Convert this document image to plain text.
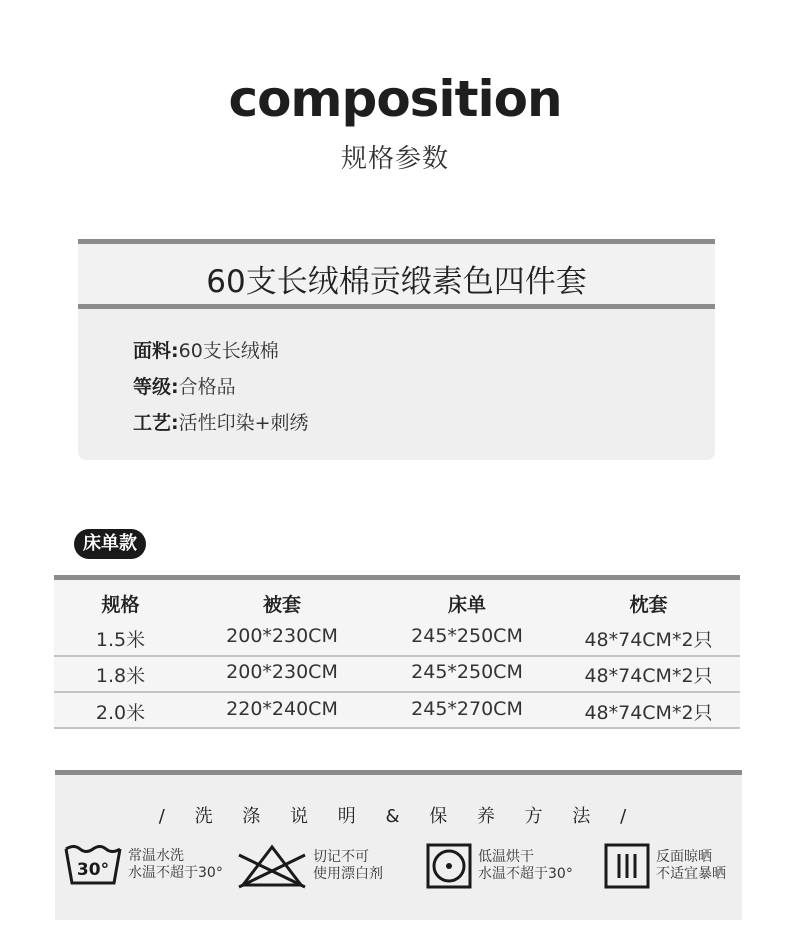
composition
规格参数
60支长绒棉贡缎素色四件套
面料:60支长绒棉
等级:合格品
工艺:活性印染+刺绣
床单款
规格	被套	床单	枕套
1.5米	200*230CM	245*250CM	48*74CM*2只
1.8米	200*230CM	245*250CM	48*74CM*2只
2.0米	220*240CM	245*270CM	48*74CM*2只
/ 洗 涤 说 明 & 保 养 方 法 /
30°
常温水洗
水温不超于30°
切记不可
使用漂白剂
低温烘干
水温不超于30°
反面晾晒
不适宜暴晒
